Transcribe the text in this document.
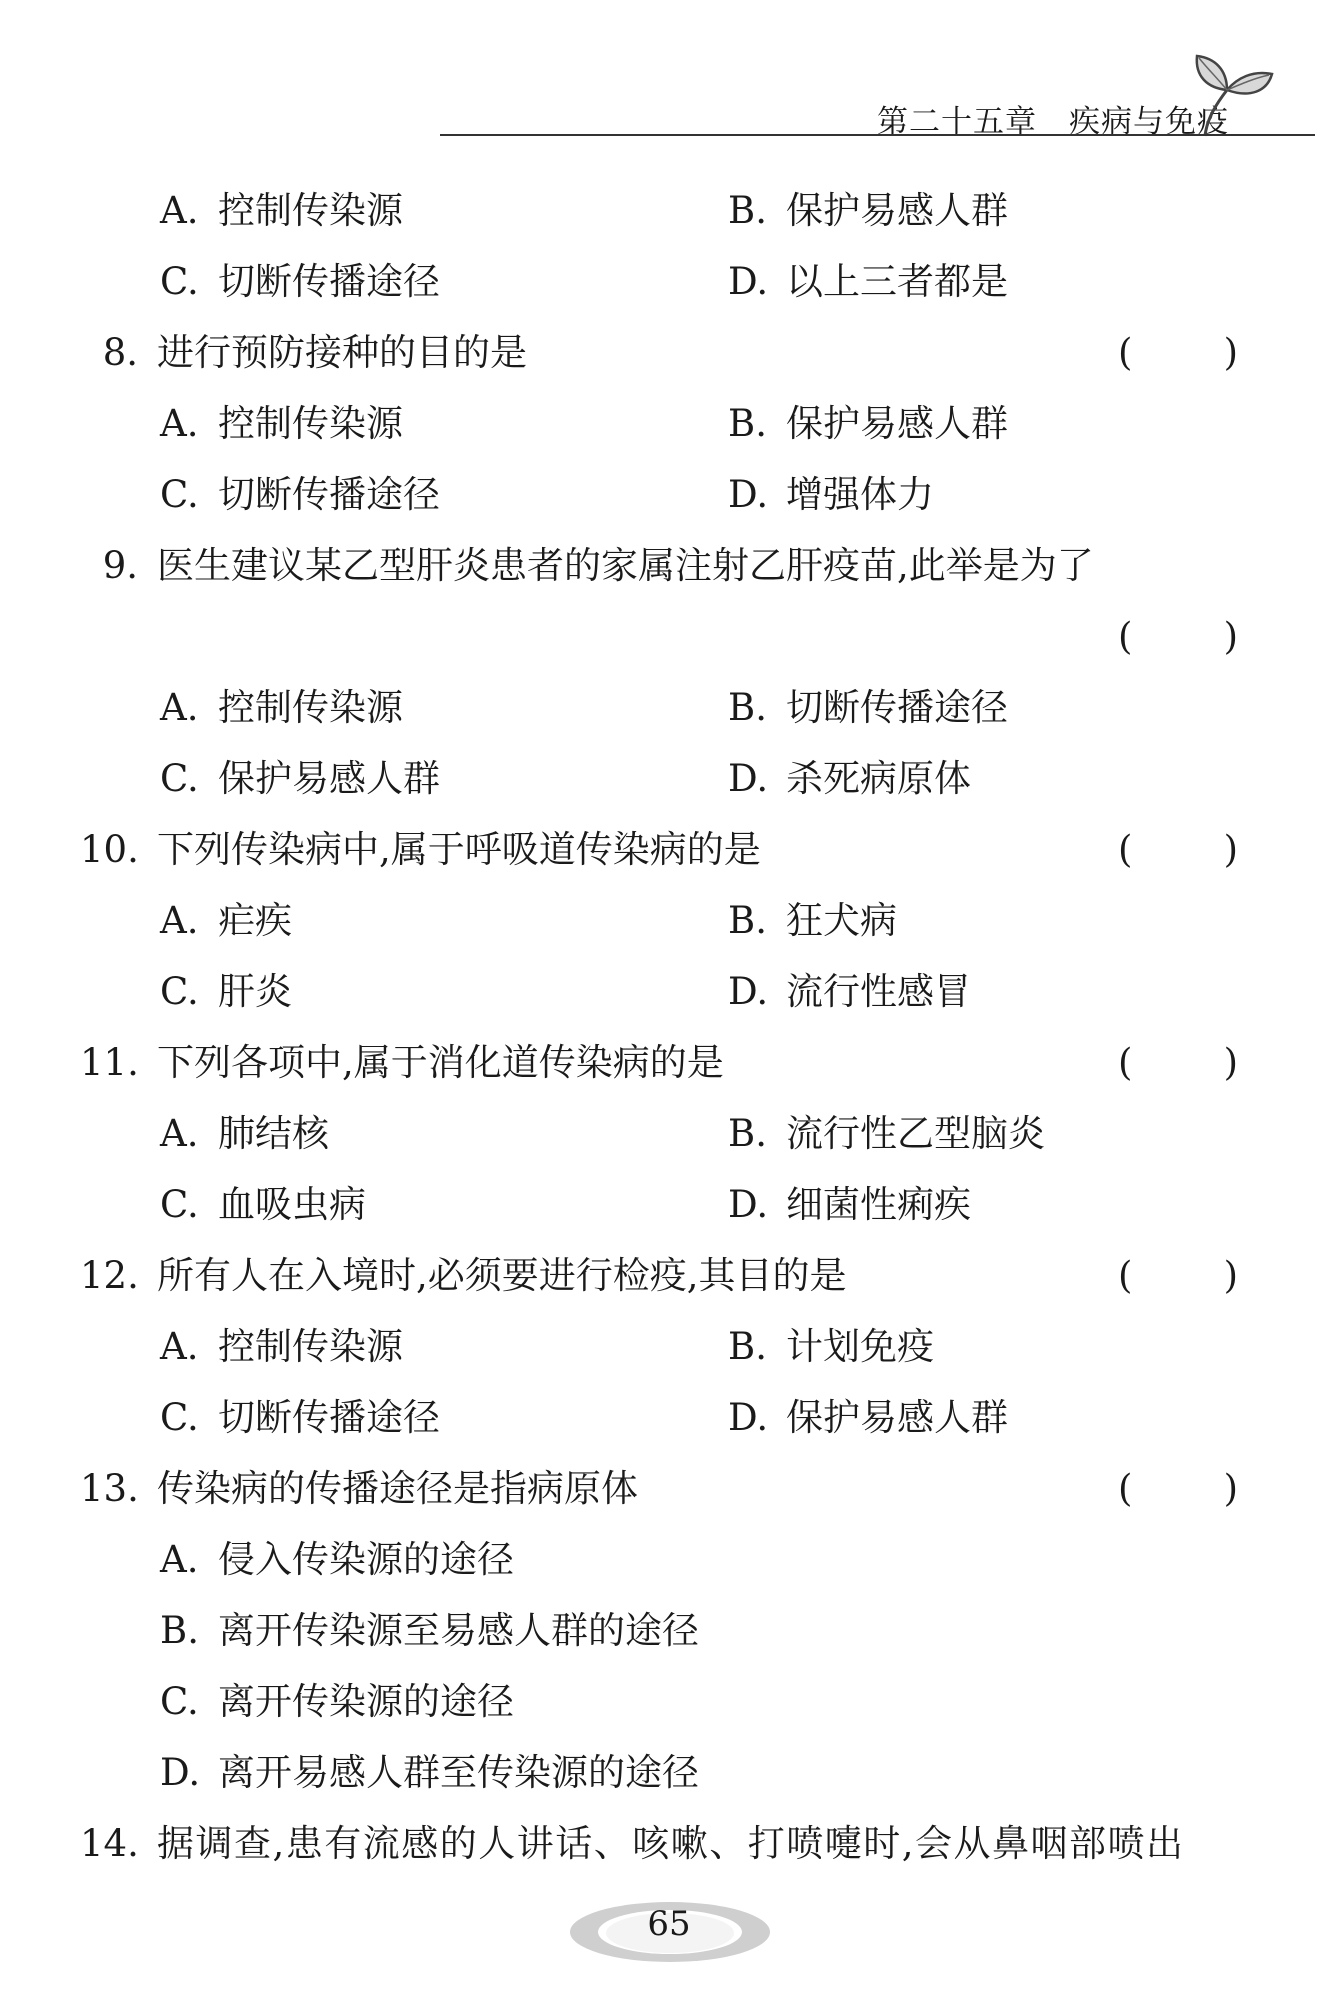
第二十五章　 疾病与免疫
A. 控制传染源	B. 保护易感人群
C. 切断传播途径	D. 以上三者都是
8. 进行预防接种的目的是	( )
A. 控制传染源	B. 保护易感人群
C. 切断传播途径	D. 增强体力
9. 医生建议某乙型肝炎患者的家属注射乙肝疫苗,此举是为了
( )
A. 控制传染源	B. 切断传播途径
C. 保护易感人群	D. 杀死病原体
10. 下列传染病中,属于呼吸道传染病的是	( )
A. 疟疾	B. 狂犬病
C. 肝炎	D. 流行性感冒
11. 下列各项中,属于消化道传染病的是	( )
A. 肺结核	B. 流行性乙型脑炎
C. 血吸虫病	D. 细菌性痢疾
12. 所有人在入境时,必须要进行检疫,其目的是	( )
A. 控制传染源	B. 计划免疫
C. 切断传播途径	D. 保护易感人群
13. 传染病的传播途径是指病原体	( )
A. 侵入传染源的途径
B. 离开传染源至易感人群的途径
C. 离开传染源的途径
D. 离开易感人群至传染源的途径
14. 据调查,患有流感的人讲话、咳嗽、打喷嚏时,会从鼻咽部喷出
65
